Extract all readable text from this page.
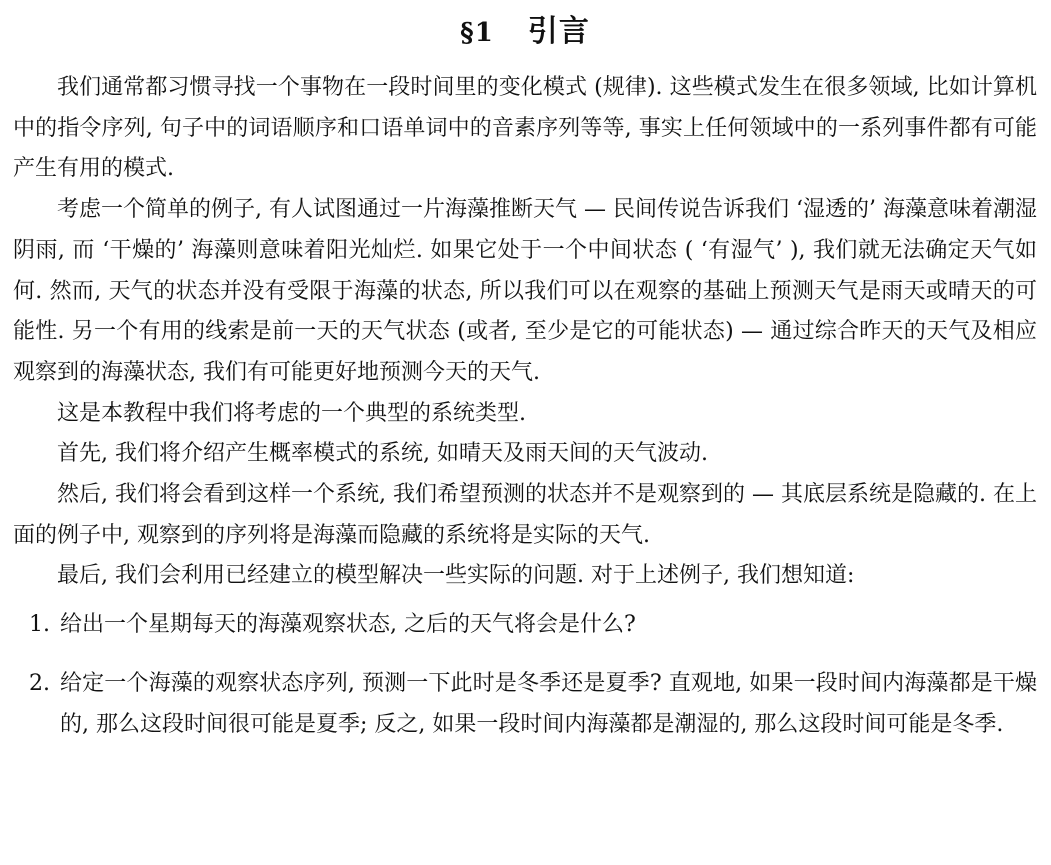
§1 引言

我们通常都习惯寻找一个事物在一段时间里的变化模式 (规律). 这些模式发生在很多领域, 比如计算机中的指令序列, 句子中的词语顺序和口语单词中的音素序列等等, 事实上任何领域中的一系列事件都有可能产生有用的模式.

考虑一个简单的例子, 有人试图通过一片海藻推断天气 — 民间传说告诉我们 ‘湿透的’ 海藻意味着潮湿阴雨, 而 ‘干燥的’ 海藻则意味着阳光灿烂. 如果它处于一个中间状态 ( ‘有湿气’ ), 我们就无法确定天气如何. 然而, 天气的状态并没有受限于海藻的状态, 所以我们可以在观察的基础上预测天气是雨天或晴天的可能性. 另一个有用的线索是前一天的天气状态 (或者, 至少是它的可能状态) — 通过综合昨天的天气及相应观察到的海藻状态, 我们有可能更好地预测今天的天气.

这是本教程中我们将考虑的一个典型的系统类型.

首先, 我们将介绍产生概率模式的系统, 如晴天及雨天间的天气波动.

然后, 我们将会看到这样一个系统, 我们希望预测的状态并不是观察到的 — 其底层系统是隐藏的. 在上面的例子中, 观察到的序列将是海藻而隐藏的系统将是实际的天气.

最后, 我们会利用已经建立的模型解决一些实际的问题. 对于上述例子, 我们想知道:

1. 给出一个星期每天的海藻观察状态, 之后的天气将会是什么?
2. 给定一个海藻的观察状态序列, 预测一下此时是冬季还是夏季? 直观地, 如果一段时间内海藻都是干燥的, 那么这段时间很可能是夏季; 反之, 如果一段时间内海藻都是潮湿的, 那么这段时间可能是冬季.
